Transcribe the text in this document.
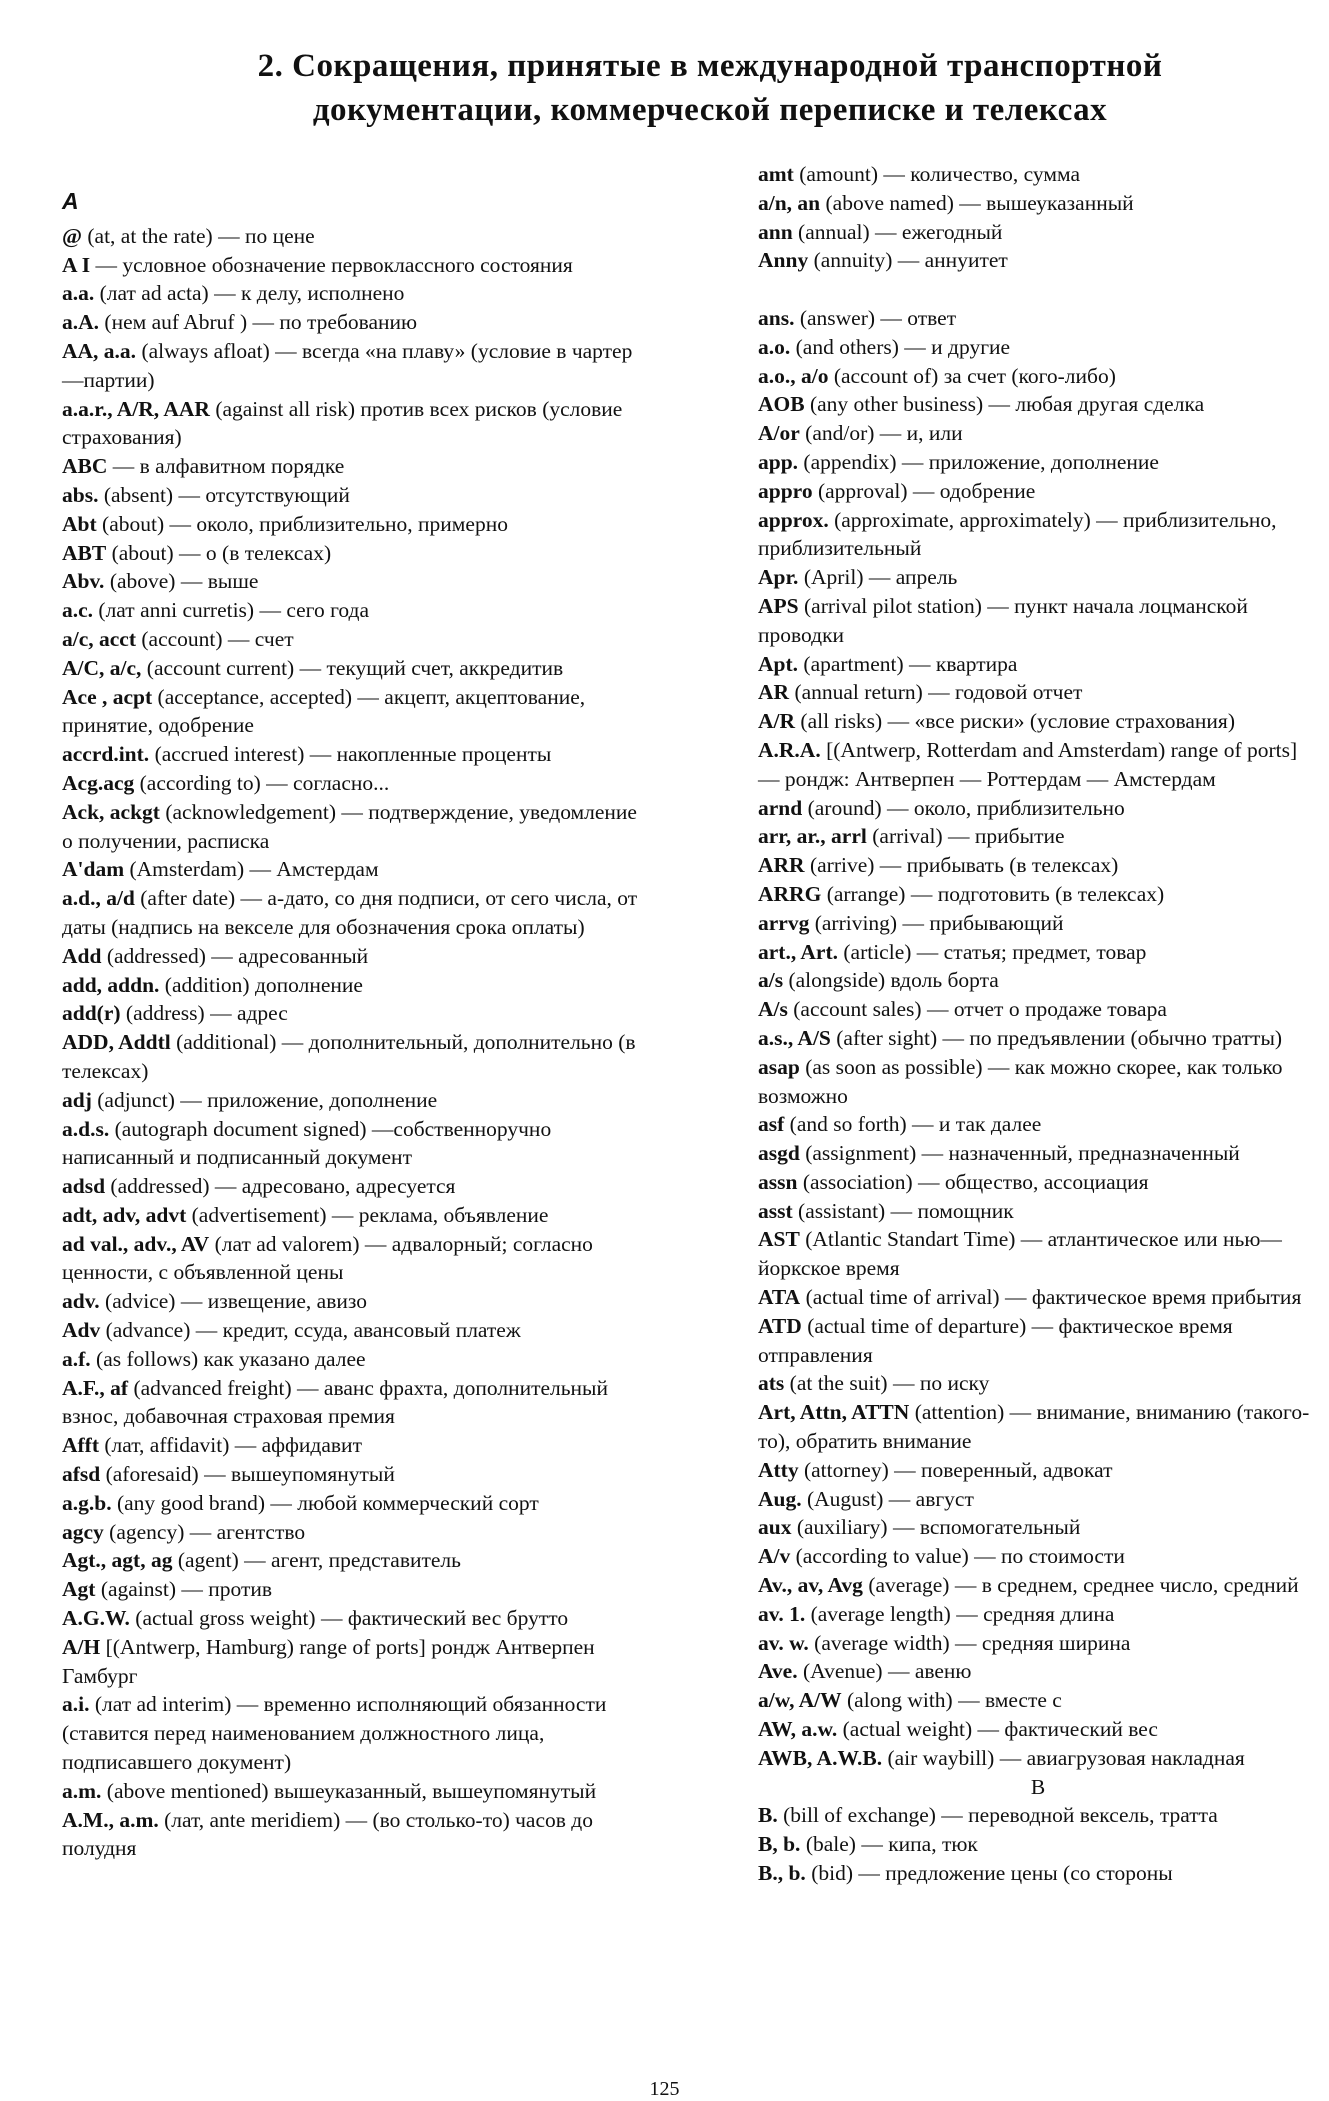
2. Сокращения, принятые в международной транспортной
документации, коммерческой переписке и телексах
A
@ (at, at the rate) — по цене
A I — условное обозначение первоклассного состояния
a.a. (лат ad acta) — к делу, исполнено
a.A. (нем auf Abruf ) — по требованию
AA, a.a. (always afloat) — всегда «на плаву» (условие в чартер—партии)
a.a.r., A/R, AAR (against all risk) против всех рисков (условие страхования)
ABC — в алфавитном порядке
abs. (absent) — отсутствующий
Abt (about) — около, приблизительно, примерно
ABT (about) — о (в телексах)
Abv. (above) — выше
a.c. (лат anni curretis) — сего года
a/c, acct (account) — счет
A/C, a/c, (account current) — текущий счет, аккредитив
Ace , acpt (acceptance, accepted) — акцепт, акцептование, принятие, одобрение
accrd.int. (accrued interest) — накопленные проценты
Acg.acg (according to) — согласно...
Ack, ackgt (acknowledgement) — подтверждение, уведомление о получении, расписка
A'dam (Amsterdam) — Амстердам
a.d., a/d (after date) — а-дато, со дня подписи, от сего числа, от даты (надпись на векселе для обозначения срока оплаты)
Add (addressed) — адресованный
add, addn. (addition) дополнение
add(r) (address) — адрес
ADD, Addtl (additional) — дополнительный, дополнительно (в телексах)
adj (adjunct) — приложение, дополнение
a.d.s. (autograph document signed) —собственноручно написанный и подписанный документ
adsd (addressed) — адресовано, адресуется
adt, adv, advt (advertisement) — реклама, объявление
ad val., adv., AV (лат ad valorem) — адвалорный; согласно ценности, с объявленной цены
adv. (advice) — извещение, авизо
Adv (advance) — кредит, ссуда, авансовый платеж
a.f. (as follows) как указано далее
A.F., af (advanced freight) — аванс фрахта, дополнительный взнос, добавочная страховая премия
Afft (лат, affidavit) — аффидавит
afsd (aforesaid) — вышеупомянутый
a.g.b. (any good brand) — любой коммерческий сорт
agcy (agency) — агентство
Agt., agt, ag (agent) — агент, представитель
Agt (against) — против
A.G.W. (actual gross weight) — фактический вес брутто
A/H [(Antwerp, Hamburg) range of ports] рондж Антверпен Гамбург
a.i. (лат ad interim) — временно исполняющий обязанности (ставится перед наименованием должностного лица, подписавшего документ)
a.m. (above mentioned) вышеуказанный, вышеупомянутый
A.M., a.m. (лат, ante meridiem) — (во столько-то) часов до полудня
amt (amount) — количество, сумма
a/n, an (above named) — вышеуказанный
ann (annual) — ежегодный
Anny (annuity) — аннуитет
ans. (answer) — ответ
a.o. (and others) — и другие
a.o., a/o (account of) за счет (кого-либо)
AOB (any other business) — любая другая сделка
A/or (and/or) — и, или
app. (appendix) — приложение, дополнение
appro (approval) — одобрение
approx. (approximate, approximately) — приблизительно, приблизительный
Apr. (April) — апрель
APS (arrival pilot station) — пункт начала лоцманской проводки
Apt. (apartment) — квартира
AR (annual return) — годовой отчет
A/R (all risks) — «все риски» (условие страхования)
A.R.A. [(Antwerp, Rotterdam and Amsterdam) range of ports] — рондж: Антверпен — Роттердам — Амстердам
arnd (around) — около, приблизительно
arr, ar., arrl (arrival) — прибытие
ARR (arrive) — прибывать (в телексах)
ARRG (arrange) — подготовить (в телексах)
arrvg (arriving) — прибывающий
art., Art. (article) — статья; предмет, товар
a/s (alongside) вдоль борта
A/s (account sales) — отчет о продаже товара
a.s., A/S (after sight) — по предъявлении (обычно тратты)
asap (as soon as possible) — как можно скорее, как только возможно
asf (and so forth) — и так далее
asgd (assignment) — назначенный, предназначенный
assn (association) — общество, ассоциация
asst (assistant) — помощник
AST (Atlantic Standart Time) — атлантическое или нью—йоркское время
ATA (actual time of arrival) — фактическое время прибытия
ATD (actual time of departure) — фактическое время отправления
ats (at the suit) — по иску
Art, Attn, ATTN (attention) — внимание, вниманию (такого-то), обратить внимание
Atty (attorney) — поверенный, адвокат
Aug. (August) — август
aux (auxiliary) — вспомогательный
A/v (according to value) — по стоимости
Av., av, Avg (average) — в среднем, среднее число, средний
av. 1. (average length) — средняя длина
av. w. (average width) — средняя ширина
Ave. (Avenue) — авеню
a/w, A/W (along with) — вместе с
AW, a.w. (actual weight) — фактический вес
AWB, A.W.B. (air waybill) — авиагрузовая накладная
B
B. (bill of exchange) — переводной вексель, тратта
B, b. (bale) — кипа, тюк
B., b. (bid) — предложение цены (со стороны
125
